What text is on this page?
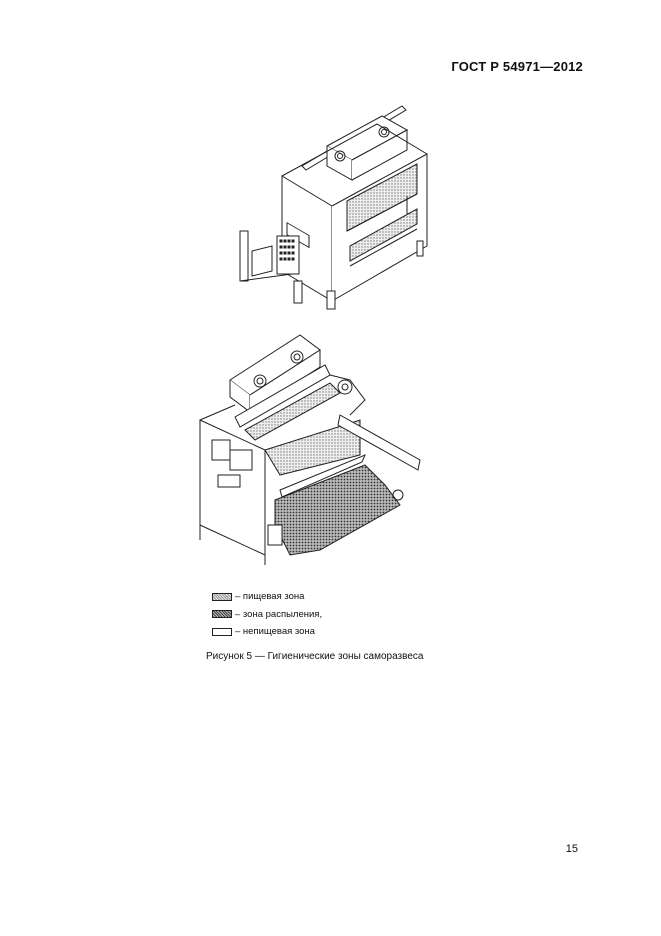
ГОСТ Р 54971—2012
– пищевая зона
– зона распыления,
– непищевая зона
Рисунок 5 — Гигиенические зоны саморазвеса
15
